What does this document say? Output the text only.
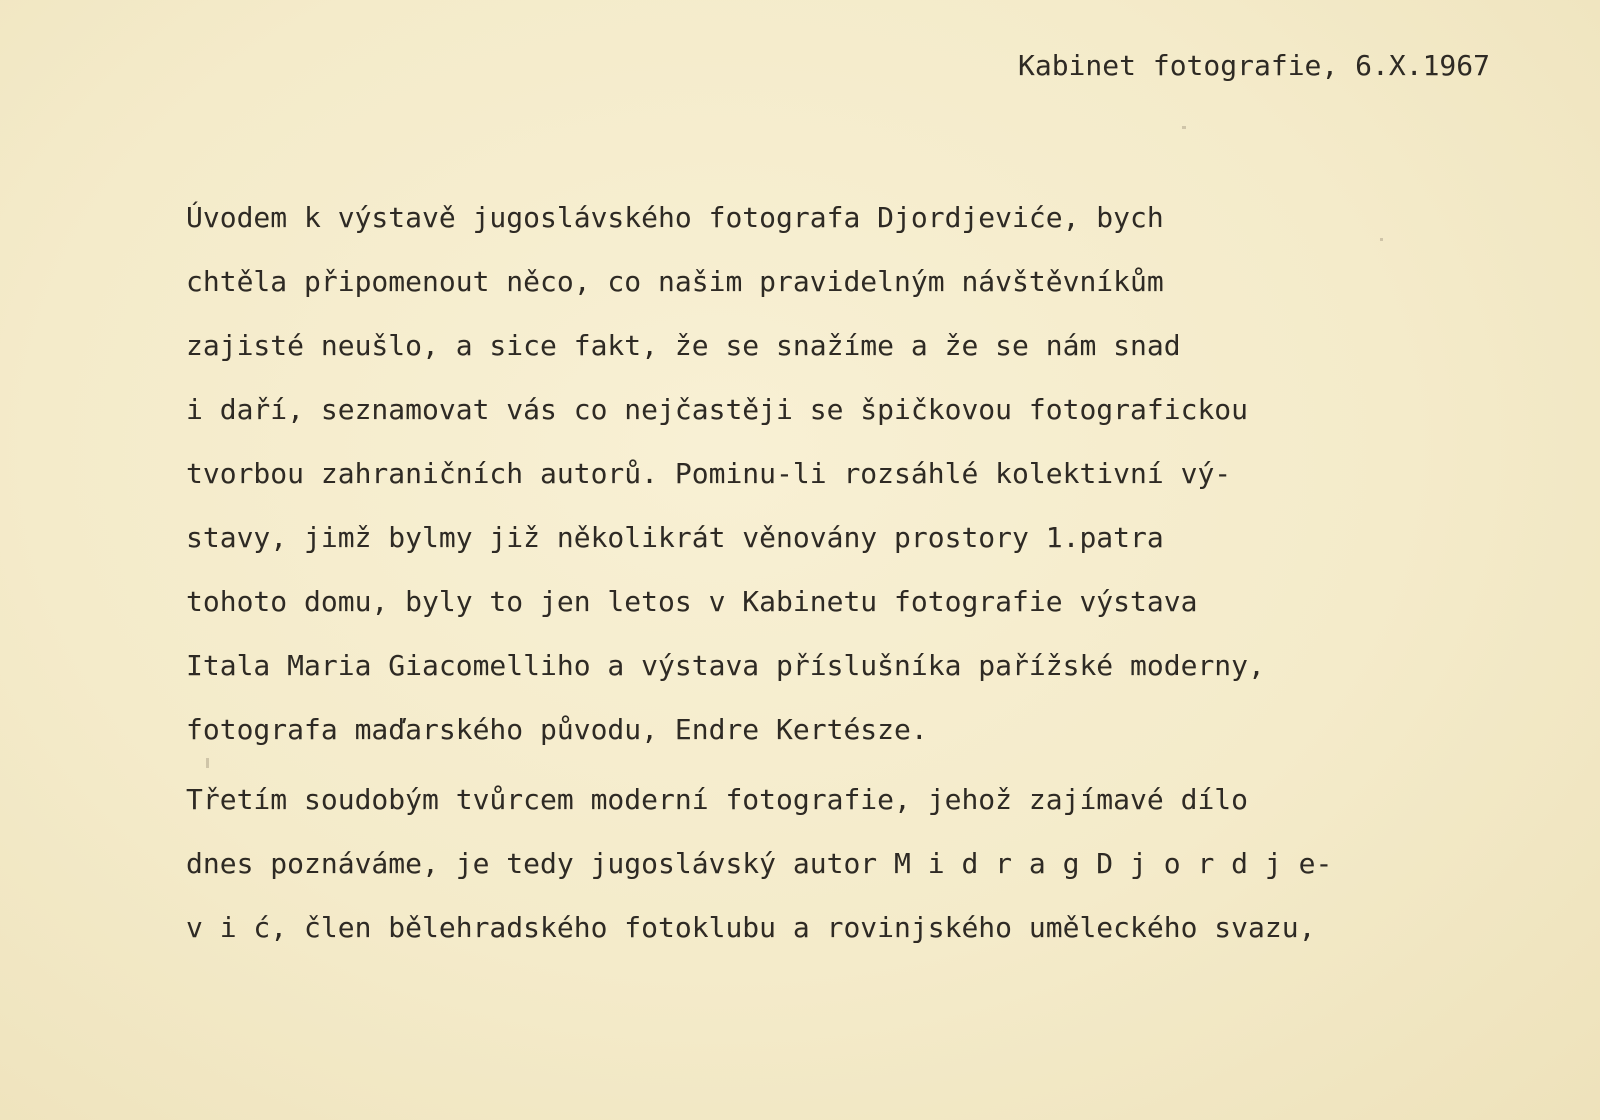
Kabinet fotografie, 6.X.1967
Úvodem k výstavě jugoslávského fotografa Djordjeviće, bych
chtěla připomenout něco, co našim pravidelným návštěvníkům
zajisté neušlo, a sice fakt, že se snažíme a že se nám snad
i daří, seznamovat vás co nejčastěji se špičkovou fotografickou
tvorbou zahraničních autorů. Pominu-li rozsáhlé kolektivní vý-
stavy, jimž bylmy již několikrát věnovány prostory 1.patra
tohoto domu, byly to jen letos v Kabinetu fotografie výstava
Itala Maria Giacomelliho a výstava příslušníka pařížské moderny,
fotografa maďarského původu, Endre Kertésze.
Třetím soudobým tvůrcem moderní fotografie, jehož zajímavé dílo
dnes poznáváme, je tedy jugoslávský autor M i d r a g D j o r d j e-
v i ć, člen bělehradského fotoklubu a rovinjského uměleckého svazu,
